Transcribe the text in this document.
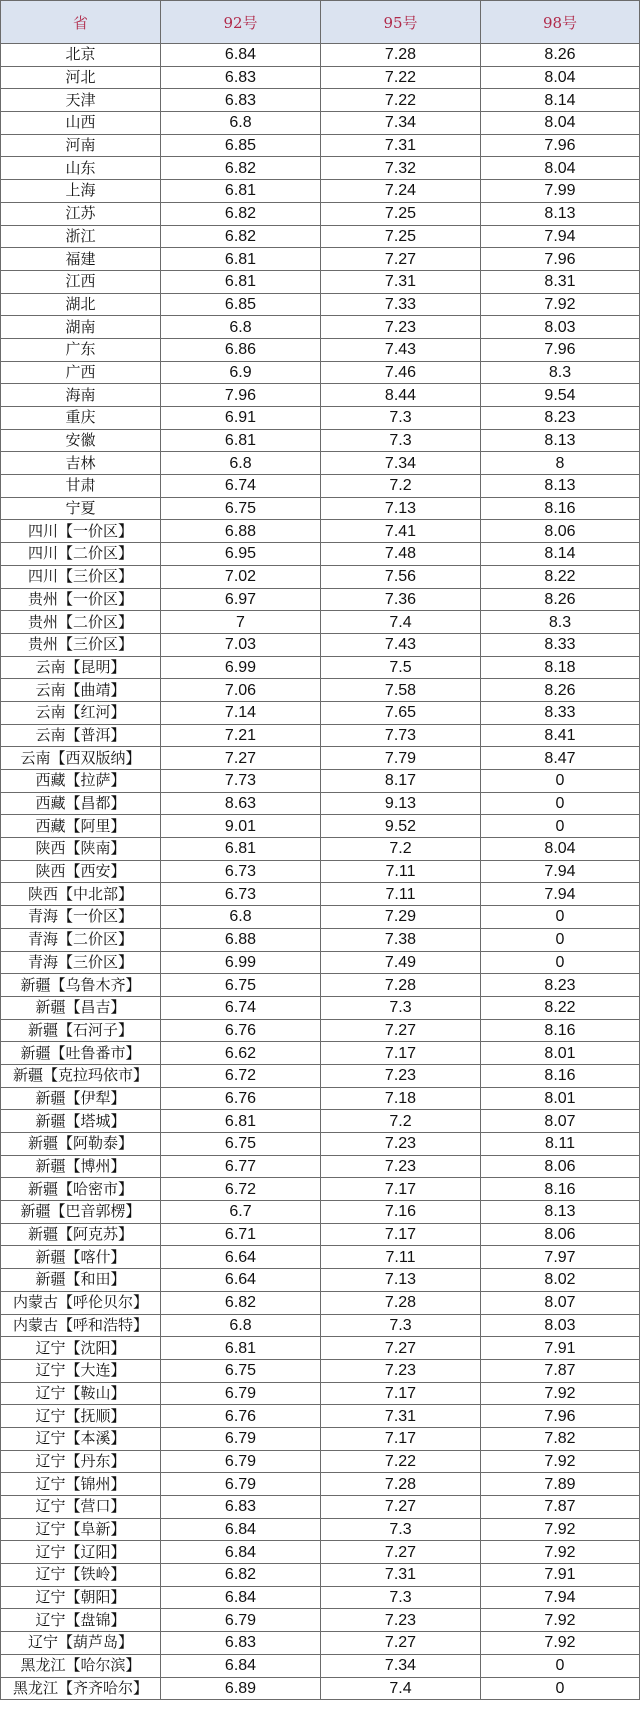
省	92号	95号	98号
北京	6.84	7.28	8.26
河北	6.83	7.22	8.04
天津	6.83	7.22	8.14
山西	6.8	7.34	8.04
河南	6.85	7.31	7.96
山东	6.82	7.32	8.04
上海	6.81	7.24	7.99
江苏	6.82	7.25	8.13
浙江	6.82	7.25	7.94
福建	6.81	7.27	7.96
江西	6.81	7.31	8.31
湖北	6.85	7.33	7.92
湖南	6.8	7.23	8.03
广东	6.86	7.43	7.96
广西	6.9	7.46	8.3
海南	7.96	8.44	9.54
重庆	6.91	7.3	8.23
安徽	6.81	7.3	8.13
吉林	6.8	7.34	8
甘肃	6.74	7.2	8.13
宁夏	6.75	7.13	8.16
四川【一价区】	6.88	7.41	8.06
四川【二价区】	6.95	7.48	8.14
四川【三价区】	7.02	7.56	8.22
贵州【一价区】	6.97	7.36	8.26
贵州【二价区】	7	7.4	8.3
贵州【三价区】	7.03	7.43	8.33
云南【昆明】	6.99	7.5	8.18
云南【曲靖】	7.06	7.58	8.26
云南【红河】	7.14	7.65	8.33
云南【普洱】	7.21	7.73	8.41
云南【西双版纳】	7.27	7.79	8.47
西藏【拉萨】	7.73	8.17	0
西藏【昌都】	8.63	9.13	0
西藏【阿里】	9.01	9.52	0
陕西【陕南】	6.81	7.2	8.04
陕西【西安】	6.73	7.11	7.94
陕西【中北部】	6.73	7.11	7.94
青海【一价区】	6.8	7.29	0
青海【二价区】	6.88	7.38	0
青海【三价区】	6.99	7.49	0
新疆【乌鲁木齐】	6.75	7.28	8.23
新疆【昌吉】	6.74	7.3	8.22
新疆【石河子】	6.76	7.27	8.16
新疆【吐鲁番市】	6.62	7.17	8.01
新疆【克拉玛依市】	6.72	7.23	8.16
新疆【伊犁】	6.76	7.18	8.01
新疆【塔城】	6.81	7.2	8.07
新疆【阿勒泰】	6.75	7.23	8.11
新疆【博州】	6.77	7.23	8.06
新疆【哈密市】	6.72	7.17	8.16
新疆【巴音郭楞】	6.7	7.16	8.13
新疆【阿克苏】	6.71	7.17	8.06
新疆【喀什】	6.64	7.11	7.97
新疆【和田】	6.64	7.13	8.02
内蒙古【呼伦贝尔】	6.82	7.28	8.07
内蒙古【呼和浩特】	6.8	7.3	8.03
辽宁【沈阳】	6.81	7.27	7.91
辽宁【大连】	6.75	7.23	7.87
辽宁【鞍山】	6.79	7.17	7.92
辽宁【抚顺】	6.76	7.31	7.96
辽宁【本溪】	6.79	7.17	7.82
辽宁【丹东】	6.79	7.22	7.92
辽宁【锦州】	6.79	7.28	7.89
辽宁【营口】	6.83	7.27	7.87
辽宁【阜新】	6.84	7.3	7.92
辽宁【辽阳】	6.84	7.27	7.92
辽宁【铁岭】	6.82	7.31	7.91
辽宁【朝阳】	6.84	7.3	7.94
辽宁【盘锦】	6.79	7.23	7.92
辽宁【葫芦岛】	6.83	7.27	7.92
黑龙江【哈尔滨】	6.84	7.34	0
黑龙江【齐齐哈尔】	6.89	7.4	0
